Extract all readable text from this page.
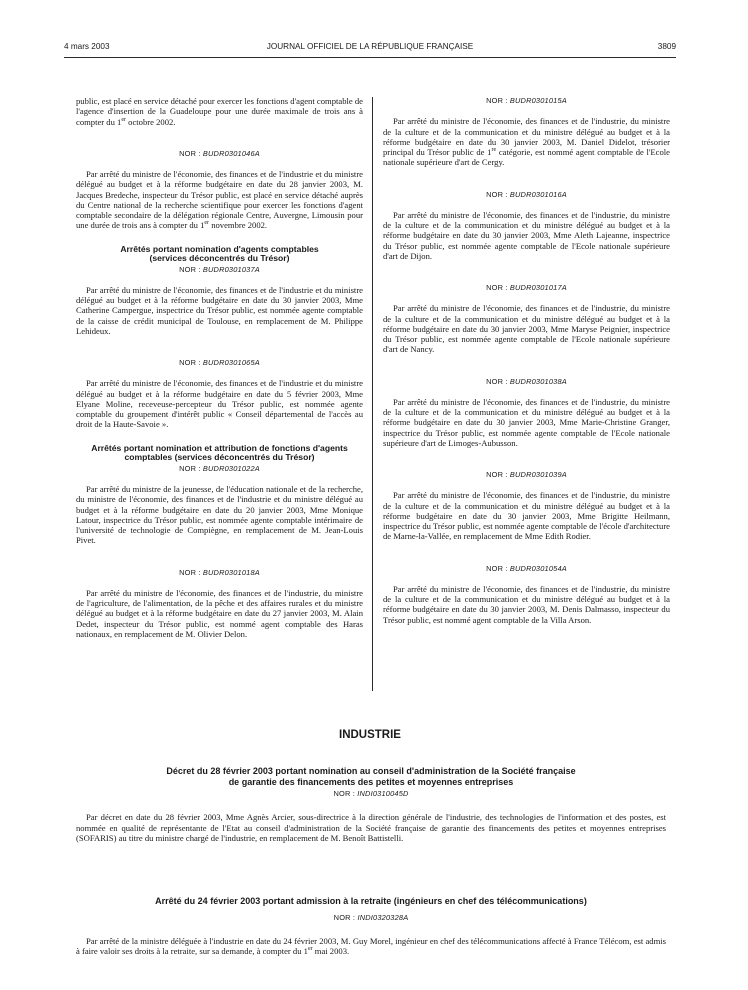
4 mars 2003	JOURNAL OFFICIEL DE LA RÉPUBLIQUE FRANÇAISE	3809

public, est placé en service détaché pour exercer les fonctions d'agent comptable de l'agence d'insertion de la Guadeloupe pour une durée maximale de trois ans à compter du 1er octobre 2002.

NOR : BUDR0301046A

Par arrêté du ministre de l'économie, des finances et de l'industrie et du ministre délégué au budget et à la réforme budgétaire en date du 28 janvier 2003, M. Jacques Bredeche, inspecteur du Trésor public, est placé en service détaché auprès du Centre national de la recherche scientifique pour exercer les fonctions d'agent comptable secondaire de la délégation régionale Centre, Auvergne, Limousin pour une durée de trois ans à compter du 1er novembre 2002.

Arrêtés portant nomination d'agents comptables (services déconcentrés du Trésor)

NOR : BUDR0301037A

Par arrêté du ministre de l'économie, des finances et de l'industrie et du ministre délégué au budget et à la réforme budgétaire en date du 30 janvier 2003, Mme Catherine Campergue, inspectrice du Trésor public, est nommée agente comptable de la caisse de crédit municipal de Toulouse, en remplacement de M. Philippe Lehideux.

NOR : BUDR0301065A

Par arrêté du ministre de l'économie, des finances et de l'industrie et du ministre délégué au budget et à la réforme budgétaire en date du 5 février 2003, Mme Elyane Moline, receveuse-percepteur du Trésor public, est nommée agente comptable du groupement d'intérêt public « Conseil départemental de l'accès au droit de la Haute-Savoie ».

Arrêtés portant nomination et attribution de fonctions d'agents comptables (services déconcentrés du Trésor)

NOR : BUDR0301022A

Par arrêté du ministre de la jeunesse, de l'éducation nationale et de la recherche, du ministre de l'économie, des finances et de l'industrie et du ministre délégué au budget et à la réforme budgétaire en date du 20 janvier 2003, Mme Monique Latour, inspectrice du Trésor public, est nommée agente comptable intérimaire de l'université de technologie de Compiègne, en remplacement de M. Jean-Louis Pivet.

NOR : BUDR0301018A

Par arrêté du ministre de l'économie, des finances et de l'industrie, du ministre de l'agriculture, de l'alimentation, de la pêche et des affaires rurales et du ministre délégué au budget et à la réforme budgétaire en date du 27 janvier 2003, M. Alain Dedet, inspecteur du Trésor public, est nommé agent comptable des Haras nationaux, en remplacement de M. Olivier Delon.

NOR : BUDR0301015A

Par arrêté du ministre de l'économie, des finances et de l'industrie, du ministre de la culture et de la communication et du ministre délégué au budget et à la réforme budgétaire en date du 30 janvier 2003, M. Daniel Didelot, trésorier principal du Trésor public de 1re catégorie, est nommé agent comptable de l'Ecole nationale supérieure d'art de Cergy.

NOR : BUDR0301016A

Par arrêté du ministre de l'économie, des finances et de l'industrie, du ministre de la culture et de la communication et du ministre délégué au budget et à la réforme budgétaire en date du 30 janvier 2003, Mme Aleth Lajeanne, inspectrice du Trésor public, est nommée agente comptable de l'Ecole nationale supérieure d'art de Dijon.

NOR : BUDR0301017A

Par arrêté du ministre de l'économie, des finances et de l'industrie, du ministre de la culture et de la communication et du ministre délégué au budget et à la réforme budgétaire en date du 30 janvier 2003, Mme Maryse Peignier, inspectrice du Trésor public, est nommée agente comptable de l'Ecole nationale supérieure d'art de Nancy.

NOR : BUDR0301038A

Par arrêté du ministre de l'économie, des finances et de l'industrie, du ministre de la culture et de la communication et du ministre délégué au budget et à la réforme budgétaire en date du 30 janvier 2003, Mme Marie-Christine Granger, inspectrice du Trésor public, est nommée agente comptable de l'Ecole nationale supérieure d'art de Limoges-Aubusson.

NOR : BUDR0301039A

Par arrêté du ministre de l'économie, des finances et de l'industrie, du ministre de la culture et de la communication et du ministre délégué au budget et à la réforme budgétaire en date du 30 janvier 2003, Mme Brigitte Heilmann, inspectrice du Trésor public, est nommée agente comptable de l'école d'architecture de Marne-la-Vallée, en remplacement de Mme Edith Rodier.

NOR : BUDR0301054A

Par arrêté du ministre de l'économie, des finances et de l'industrie, du ministre de la culture et de la communication et du ministre délégué au budget et à la réforme budgétaire en date du 30 janvier 2003, M. Denis Dalmasso, inspecteur du Trésor public, est nommé agent comptable de la Villa Arson.

INDUSTRIE

Décret du 28 février 2003 portant nomination au conseil d'administration de la Société française de garantie des financements des petites et moyennes entreprises

NOR : INDI0310045D

Par décret en date du 28 février 2003, Mme Agnès Arcier, sous-directrice à la direction générale de l'industrie, des technologies de l'information et des postes, est nommée en qualité de représentante de l'Etat au conseil d'administration de la Société française de garantie des financements des petites et moyennes entreprises (SOFARIS) au titre du ministre chargé de l'industrie, en remplacement de M. Benoît Battistelli.

Arrêté du 24 février 2003 portant admission à la retraite (ingénieurs en chef des télécommunications)

NOR : INDI0320328A

Par arrêté de la ministre déléguée à l'industrie en date du 24 février 2003, M. Guy Morel, ingénieur en chef des télécommunications affecté à France Télécom, est admis à faire valoir ses droits à la retraite, sur sa demande, à compter du 1er mai 2003.
